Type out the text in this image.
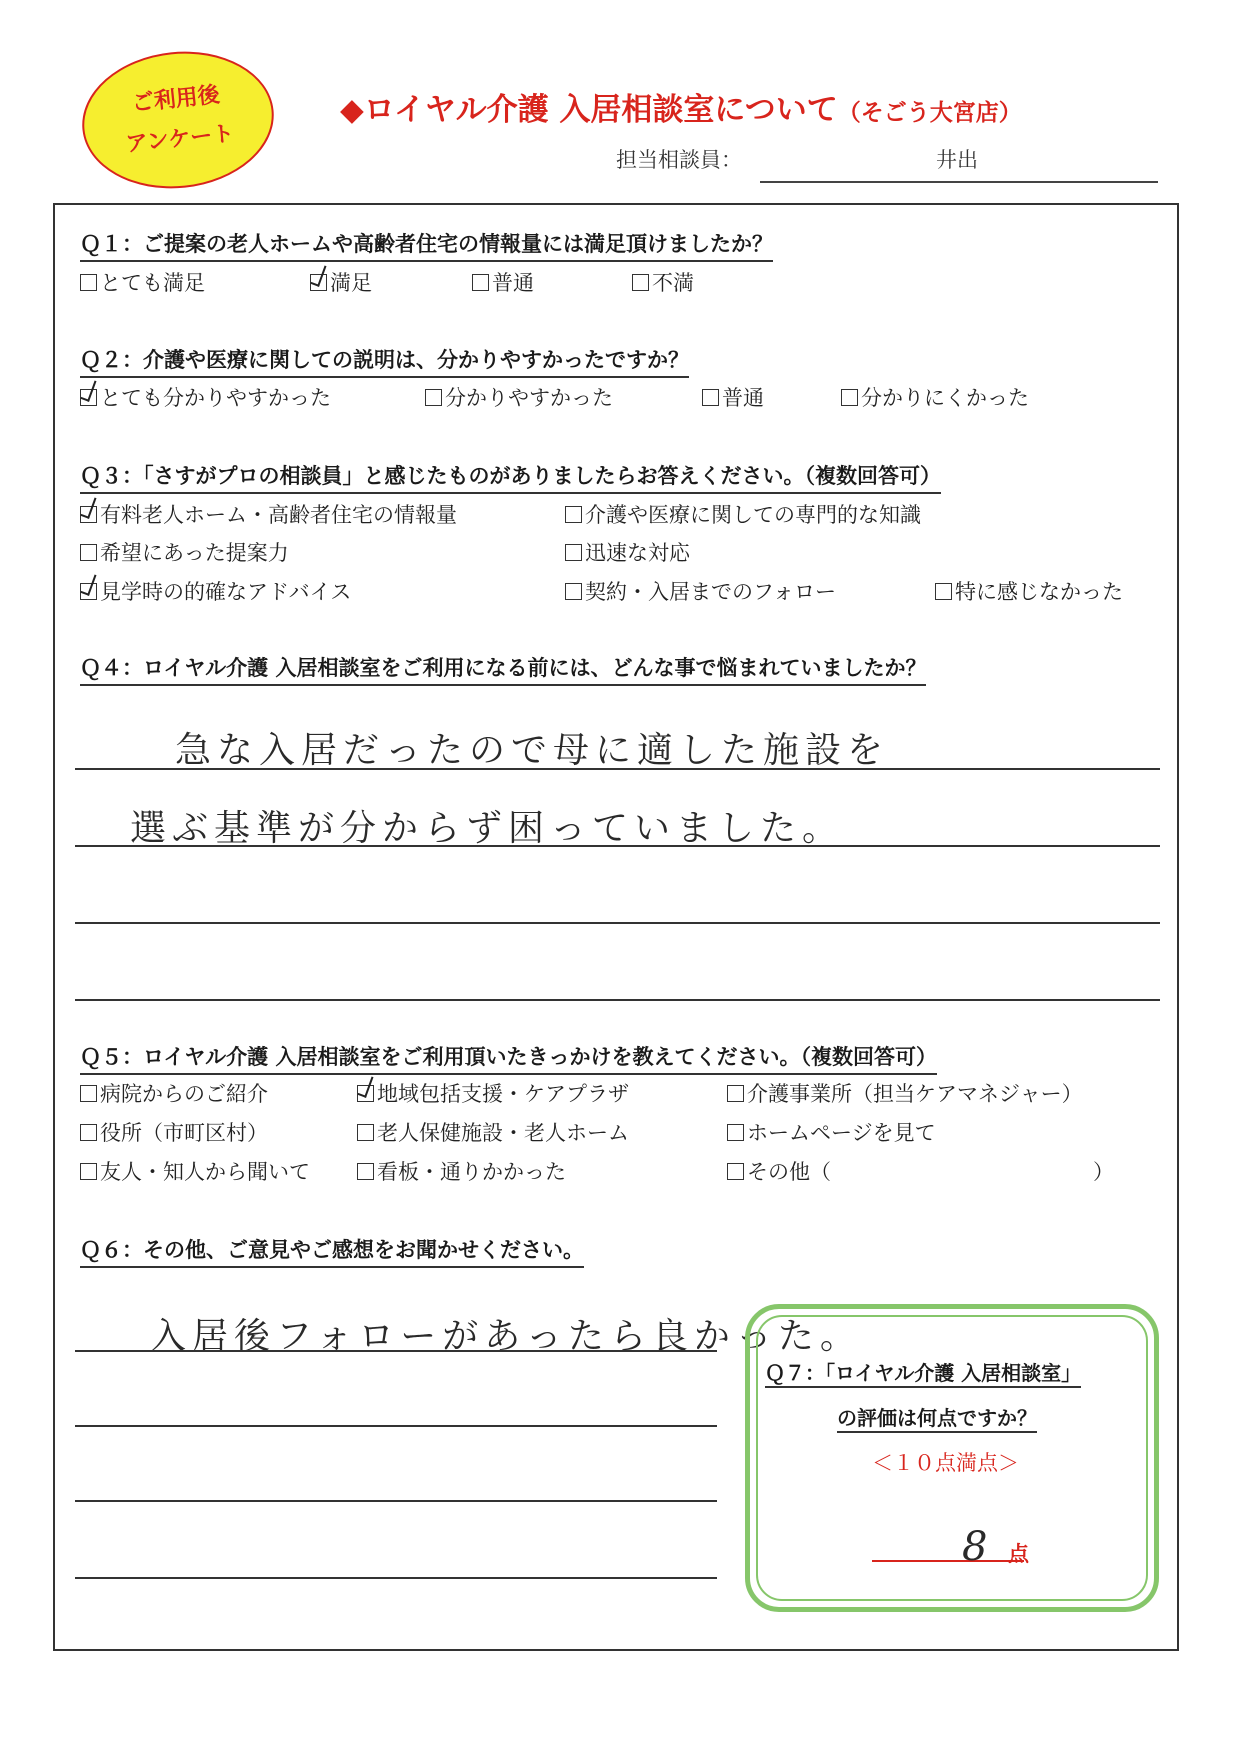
ご利用後
アンケート
◆ロイヤル介護 入居相談室について（そごう大宮店）
担当相談員：	井出
Ｑ１：ご提案の老人ホームや高齢者住宅の情報量には満足頂けましたか？
とても満足	満足	普通	不満
Ｑ２：介護や医療に関しての説明は、分かりやすかったですか？
とても分かりやすかった	分かりやすかった	普通	分かりにくかった
Ｑ３：「さすがプロの相談員」と感じたものがありましたらお答えください。（複数回答可）
有料老人ホーム・高齢者住宅の情報量	介護や医療に関しての専門的な知識
希望にあった提案力	迅速な対応
見学時の的確なアドバイス	契約・入居までのフォロー	特に感じなかった
Ｑ４：ロイヤル介護 入居相談室をご利用になる前には、どんな事で悩まれていましたか？
急な入居だったので母に適した施設を
選ぶ基準が分からず困っていました。
Ｑ５：ロイヤル介護 入居相談室をご利用頂いたきっかけを教えてください。（複数回答可）
病院からのご紹介	地域包括支援・ケアプラザ	介護事業所（担当ケアマネジャー）
役所（市町区村）	老人保健施設・老人ホーム	ホームページを見て
友人・知人から聞いて	看板・通りかかった	その他（	）
Ｑ６：その他、ご意見やご感想をお聞かせください。
入居後フォローがあったら良かった。
Ｑ７：「ロイヤル介護 入居相談室」
の評価は何点ですか？
＜１０点満点＞
8 点
